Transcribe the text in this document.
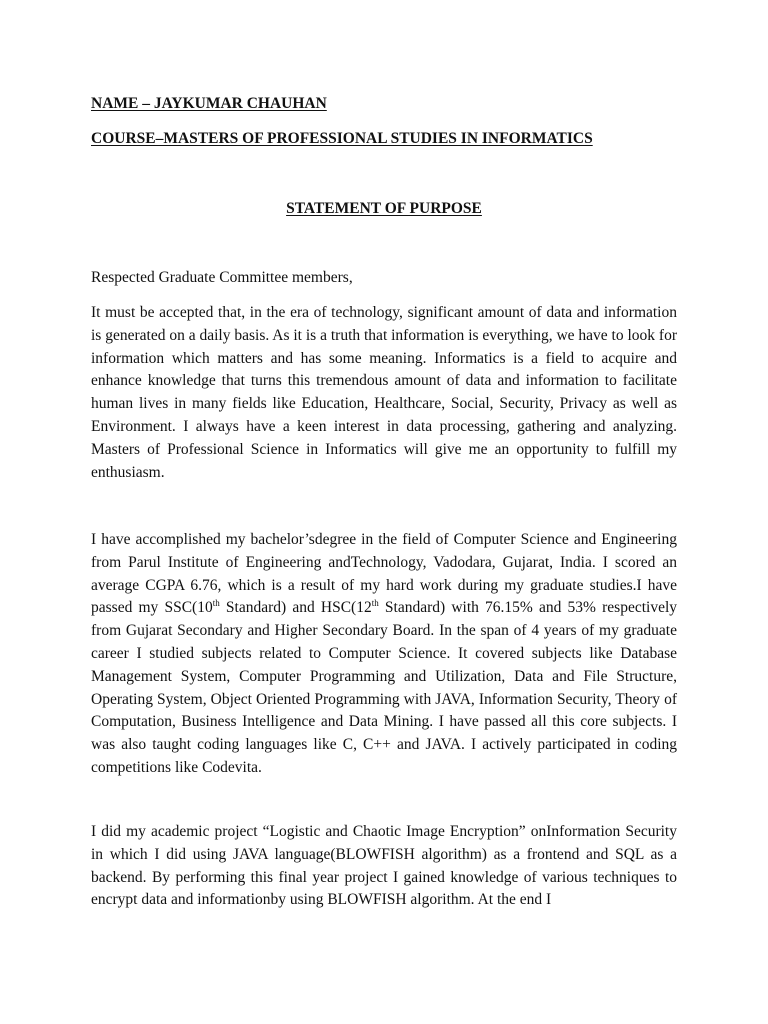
NAME – JAYKUMAR CHAUHAN
COURSE–MASTERS OF PROFESSIONAL STUDIES IN INFORMATICS
STATEMENT OF PURPOSE
Respected Graduate Committee members,

It must be accepted that, in the era of technology, significant amount of data and information is generated on a daily basis. As it is a truth that information is everything, we have to look for information which matters and has some meaning. Informatics is a field to acquire and enhance knowledge that turns this tremendous amount of data and information to facilitate human lives in many fields like Education, Healthcare, Social, Security, Privacy as well as Environment. I always have a keen interest in data processing, gathering and analyzing. Masters of Professional Science in Informatics will give me an opportunity to fulfill my enthusiasm.

I have accomplished my bachelor’sdegree in the field of Computer Science and Engineering from Parul Institute of Engineering andTechnology, Vadodara, Gujarat, India. I scored an average CGPA 6.76, which is a result of my hard work during my graduate studies.I have passed my SSC(10th Standard) and HSC(12th Standard) with 76.15% and 53% respectively from Gujarat Secondary and Higher Secondary Board. In the span of 4 years of my graduate career I studied subjects related to Computer Science. It covered subjects like Database Management System, Computer Programming and Utilization, Data and File Structure, Operating System, Object Oriented Programming with JAVA, Information Security, Theory of Computation, Business Intelligence and Data Mining. I have passed all this core subjects. I was also taught coding languages like C, C++ and JAVA. I actively participated in coding competitions like Codevita.

I did my academic project “Logistic and Chaotic Image Encryption” onInformation Security in which I did using JAVA language(BLOWFISH algorithm) as a frontend and SQL as a backend. By performing this final year project I gained knowledge of various techniques to encrypt data and informationby using BLOWFISH algorithm. At the end I
